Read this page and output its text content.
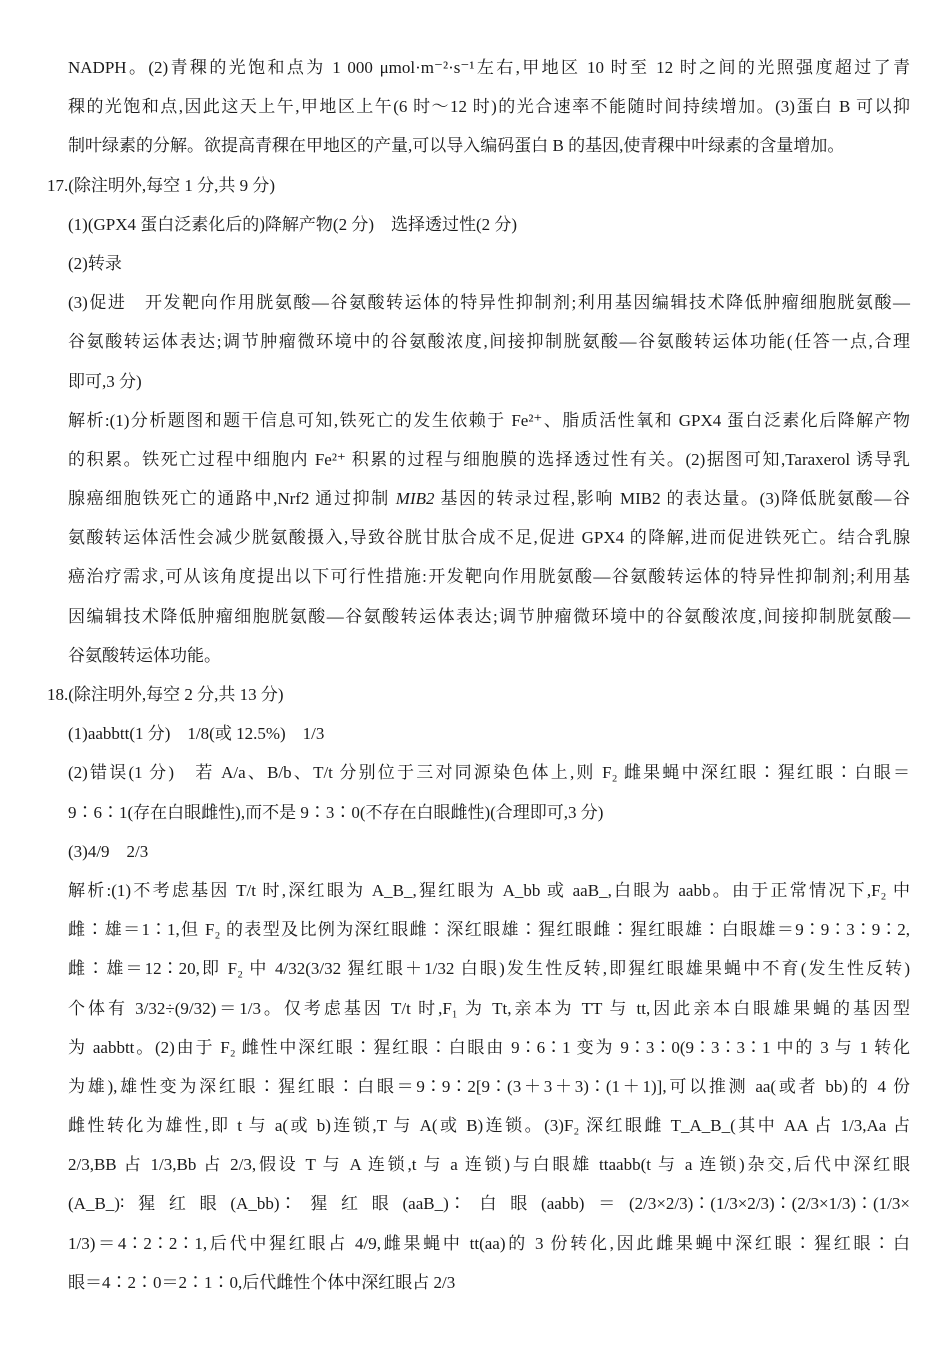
NADPH。(2)青稞的光饱和点为 1 000 μmol·m⁻²·s⁻¹左右,甲地区 10 时至 12 时之间的光照强度超过了青
稞的光饱和点,因此这天上午,甲地区上午(6 时～12 时)的光合速率不能随时间持续增加。(3)蛋白 B 可以抑
制叶绿素的分解。欲提高青稞在甲地区的产量,可以导入编码蛋白 B 的基因,使青稞中叶绿素的含量增加。
17.(除注明外,每空 1 分,共 9 分)
(1)(GPX4 蛋白泛素化后的)降解产物(2 分)　选择透过性(2 分)
(2)转录
(3)促进　开发靶向作用胱氨酸—谷氨酸转运体的特异性抑制剂;利用基因编辑技术降低肿瘤细胞胱氨酸—
谷氨酸转运体表达;调节肿瘤微环境中的谷氨酸浓度,间接抑制胱氨酸—谷氨酸转运体功能(任答一点,合理
即可,3 分)
解析:(1)分析题图和题干信息可知,铁死亡的发生依赖于 Fe²⁺、脂质活性氧和 GPX4 蛋白泛素化后降解产物
的积累。铁死亡过程中细胞内 Fe²⁺ 积累的过程与细胞膜的选择透过性有关。(2)据图可知,Taraxerol 诱导乳
腺癌细胞铁死亡的通路中,Nrf2 通过抑制 MIB2 基因的转录过程,影响 MIB2 的表达量。(3)降低胱氨酸—谷
氨酸转运体活性会减少胱氨酸摄入,导致谷胱甘肽合成不足,促进 GPX4 的降解,进而促进铁死亡。结合乳腺
癌治疗需求,可从该角度提出以下可行性措施:开发靶向作用胱氨酸—谷氨酸转运体的特异性抑制剂;利用基
因编辑技术降低肿瘤细胞胱氨酸—谷氨酸转运体表达;调节肿瘤微环境中的谷氨酸浓度,间接抑制胱氨酸—
谷氨酸转运体功能。
18.(除注明外,每空 2 分,共 13 分)
(1)aabbtt(1 分)　1/8(或 12.5%)　1/3
(2)错误(1 分)　若 A/a、B/b、T/t 分别位于三对同源染色体上,则 F₂ 雌果蝇中深红眼∶猩红眼∶白眼＝
9∶6∶1(存在白眼雌性),而不是 9∶3∶0(不存在白眼雌性)(合理即可,3 分)
(3)4/9　2/3
解析:(1)不考虑基因 T/t 时,深红眼为 A_B_,猩红眼为 A_bb 或 aaB_,白眼为 aabb。由于正常情况下,F₂ 中
雌∶雄＝1∶1,但 F₂ 的表型及比例为深红眼雌∶深红眼雄∶猩红眼雌∶猩红眼雄∶白眼雄＝9∶9∶3∶9∶2,
雌∶雄＝12∶20,即 F₂ 中 4/32(3/32 猩红眼＋1/32 白眼)发生性反转,即猩红眼雄果蝇中不育(发生性反转)
个体有 3/32÷(9/32)＝1/3。仅考虑基因 T/t 时,F₁ 为 Tt,亲本为 TT 与 tt,因此亲本白眼雄果蝇的基因型
为 aabbtt。(2)由于 F₂ 雌性中深红眼∶猩红眼∶白眼由 9∶6∶1 变为 9∶3∶0(9∶3∶3∶1 中的 3 与 1 转化
为雄),雄性变为深红眼∶猩红眼∶白眼＝9∶9∶2[9∶(3＋3＋3)∶(1＋1)],可以推测 aa(或者 bb)的 4 份
雌性转化为雄性,即 t 与 a(或 b)连锁,T 与 A(或 B)连锁。(3)F₂ 深红眼雌 T_A_B_(其中 AA 占 1/3,Aa 占
2/3,BB 占 1/3,Bb 占 2/3,假设 T 与 A 连锁,t 与 a 连锁)与白眼雄 ttaabb(t 与 a 连锁)杂交,后代中深红眼
(A_B_)∶猩红眼(A_bb)∶猩红眼(aaB_)∶白眼(aabb)＝(2/3×2/3)∶(1/3×2/3)∶(2/3×1/3)∶(1/3×
1/3)＝4∶2∶2∶1,后代中猩红眼占 4/9,雌果蝇中 tt(aa)的 3 份转化,因此雌果蝇中深红眼∶猩红眼∶白
眼＝4∶2∶0＝2∶1∶0,后代雌性个体中深红眼占 2/3
